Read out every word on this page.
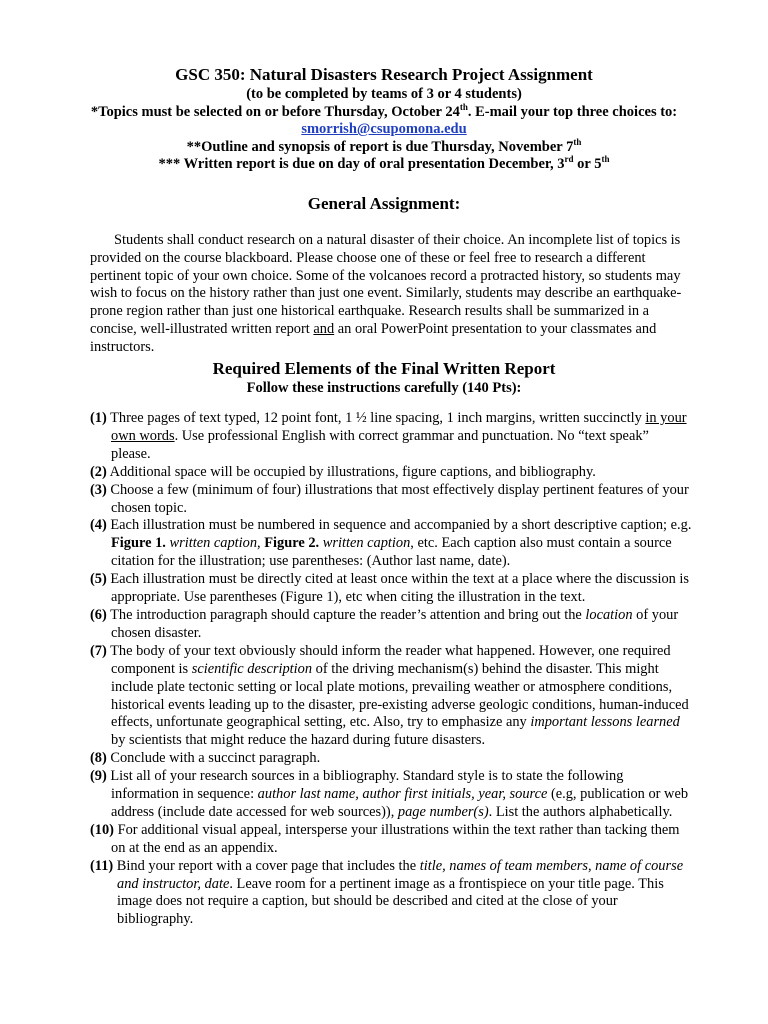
GSC 350: Natural Disasters Research Project Assignment
(to be completed by teams of 3 or 4 students)
*Topics must be selected on or before Thursday, October 24th. E-mail your top three choices to:
smorrish@csupomona.edu
**Outline and synopsis of report is due Thursday, November 7th
*** Written report is due on day of oral presentation December, 3rd or 5th
General Assignment:
Students shall conduct research on a natural disaster of their choice. An incomplete list of topics is
provided on the course blackboard. Please choose one of these or feel free to research a different
pertinent topic of your own choice. Some of the volcanoes record a protracted history, so students may
wish to focus on the history rather than just one event. Similarly, students may describe an earthquake-
prone region rather than just one historical earthquake. Research results shall be summarized in a
concise, well-illustrated written report and an oral PowerPoint presentation to your classmates and
instructors.
Required Elements of the Final Written Report
Follow these instructions carefully (140 Pts):
(1) Three pages of text typed, 12 point font, 1 ½ line spacing, 1 inch margins, written succinctly in your
own words. Use professional English with correct grammar and punctuation. No “text speak”
please.
(2) Additional space will be occupied by illustrations, figure captions, and bibliography.
(3) Choose a few (minimum of four) illustrations that most effectively display pertinent features of your
chosen topic.
(4) Each illustration must be numbered in sequence and accompanied by a short descriptive caption; e.g.
Figure 1. written caption, Figure 2. written caption, etc. Each caption also must contain a source
citation for the illustration; use parentheses: (Author last name, date).
(5) Each illustration must be directly cited at least once within the text at a place where the discussion is
appropriate. Use parentheses (Figure 1), etc when citing the illustration in the text.
(6) The introduction paragraph should capture the reader’s attention and bring out the location of your
chosen disaster.
(7) The body of your text obviously should inform the reader what happened. However, one required
component is scientific description of the driving mechanism(s) behind the disaster. This might
include plate tectonic setting or local plate motions, prevailing weather or atmosphere conditions,
historical events leading up to the disaster, pre-existing adverse geologic conditions, human-induced
effects, unfortunate geographical setting, etc. Also, try to emphasize any important lessons learned
by scientists that might reduce the hazard during future disasters.
(8) Conclude with a succinct paragraph.
(9) List all of your research sources in a bibliography. Standard style is to state the following
information in sequence: author last name, author first initials, year, source (e.g, publication or web
address (include date accessed for web sources)), page number(s). List the authors alphabetically.
(10) For additional visual appeal, intersperse your illustrations within the text rather than tacking them
on at the end as an appendix.
(11) Bind your report with a cover page that includes the title, names of team members, name of course
and instructor, date. Leave room for a pertinent image as a frontispiece on your title page. This
image does not require a caption, but should be described and cited at the close of your
bibliography.
